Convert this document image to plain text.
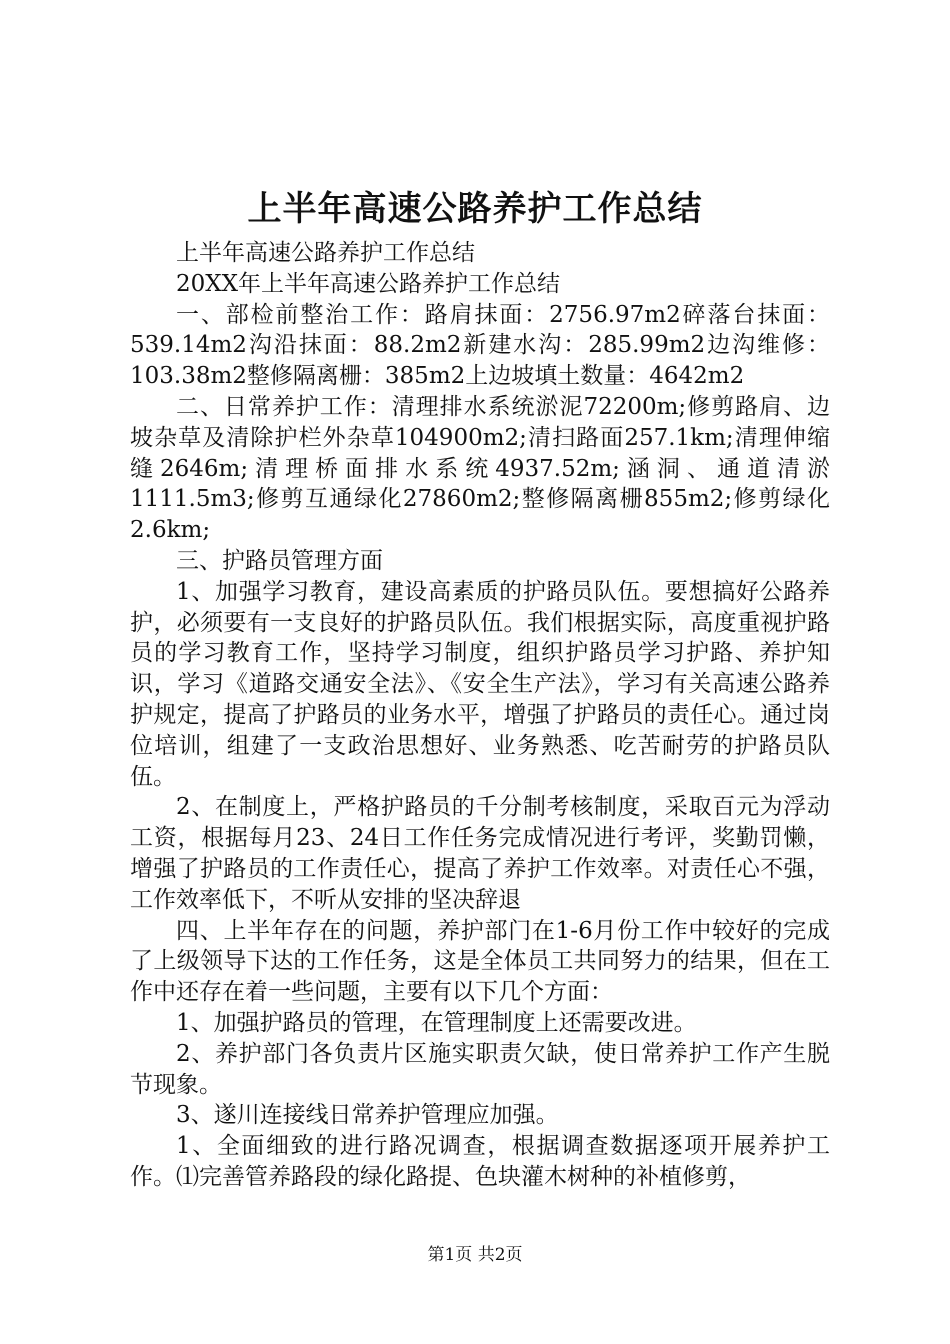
上半年高速公路养护工作总结

上半年高速公路养护工作总结

20XX年上半年高速公路养护工作总结

一、部检前整治工作：路肩抹面：2756.97m2碎落台抹面：539.14m2沟沿抹面：88.2m2新建水沟：285.99m2边沟维修：103.38m2整修隔离栅：385m2上边坡填土数量：4642m2

二、日常养护工作：清理排水系统淤泥72200m;修剪路肩、边坡杂草及清除护栏外杂草104900m2;清扫路面257.1km;清理伸缩缝2646m;清理桥面排水系统4937.52m;涵洞、通道清淤1111.5m3;修剪互通绿化27860m2;整修隔离栅855m2;修剪绿化2.6km;

三、护路员管理方面

1、加强学习教育，建设高素质的护路员队伍。要想搞好公路养护，必须要有一支良好的护路员队伍。我们根据实际，高度重视护路员的学习教育工作，坚持学习制度，组织护路员学习护路、养护知识，学习《道路交通安全法》、《安全生产法》，学习有关高速公路养护规定，提高了护路员的业务水平，增强了护路员的责任心。通过岗位培训，组建了一支政治思想好、业务熟悉、吃苦耐劳的护路员队伍。

2、在制度上，严格护路员的千分制考核制度，采取百元为浮动工资，根据每月23、24日工作任务完成情况进行考评，奖勤罚懒，增强了护路员的工作责任心，提高了养护工作效率。对责任心不强，工作效率低下，不听从安排的坚决辞退

四、上半年存在的问题，养护部门在1-6月份工作中较好的完成了上级领导下达的工作任务，这是全体员工共同努力的结果，但在工作中还存在着一些问题，主要有以下几个方面：

1、加强护路员的管理，在管理制度上还需要改进。

2、养护部门各负责片区施实职责欠缺，使日常养护工作产生脱节现象。

3、遂川连接线日常养护管理应加强。

1、全面细致的进行路况调查，根据调查数据逐项开展养护工作。⑴完善管养路段的绿化路提、色块灌木树种的补植修剪，

第1页 共2页
